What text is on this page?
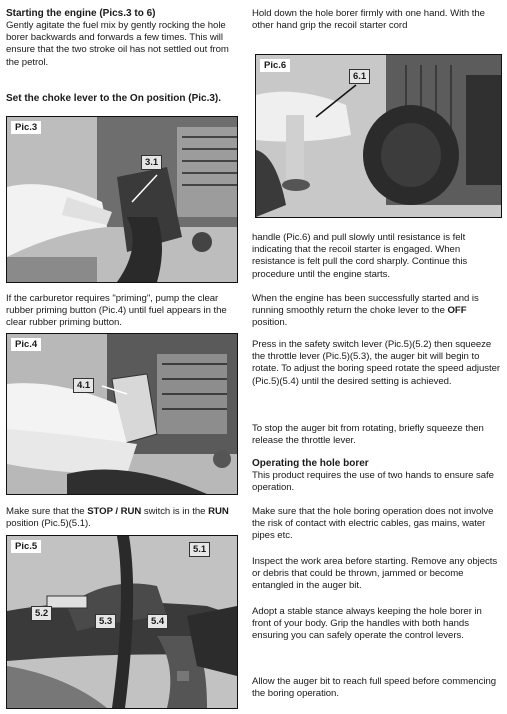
Starting the engine (Pics.3 to 6)

Gently agitate the fuel mix by gently rocking the hole borer backwards and forwards a few times. This will ensure that the two stroke oil has not settled out from the petrol.

Set the choke lever to the On position (Pic.3).

If the carburetor requires "priming", pump the clear rubber priming button (Pic.4) until fuel appears in the clear rubber priming button.

Make sure that the STOP / RUN switch is in the RUN position (Pic.5)(5.1).

Pic.3
3.1
Pic.4
4.1
Pic.5	5.1
5.2
5.3	5.4

Hold down the hole borer firmly with one hand. With the other hand grip the recoil starter cord

handle (Pic.6) and pull slowly until resistance is felt indicating that the recoil starter is engaged. When resistance is felt pull the cord sharply. Continue this procedure until the engine starts.

When the engine has been successfully started and is running smoothly return the choke lever to the OFF position.

Press in the safety switch lever (Pic.5)(5.2) then squeeze the throttle lever (Pic.5)(5.3), the auger bit will begin to rotate. To adjust the boring speed rotate the speed adjuster (Pic.5)(5.4) until the desired setting is achieved.

To stop the auger bit from rotating, briefly squeeze then release the throttle lever.

Operating the hole borer

This product requires the use of two hands to ensure safe operation.

Make sure that the hole boring operation does not involve the risk of contact with electric cables, gas mains, water pipes etc.

Inspect the work area before starting. Remove any objects or debris that could be thrown, jammed or become entangled in the auger bit.

Adopt a stable stance always keeping the hole borer in front of your body. Grip the handles with both hands ensuring you can safely operate the control levers.

Allow the auger bit to reach full speed before commencing the boring operation.

Pic.6
6.1
